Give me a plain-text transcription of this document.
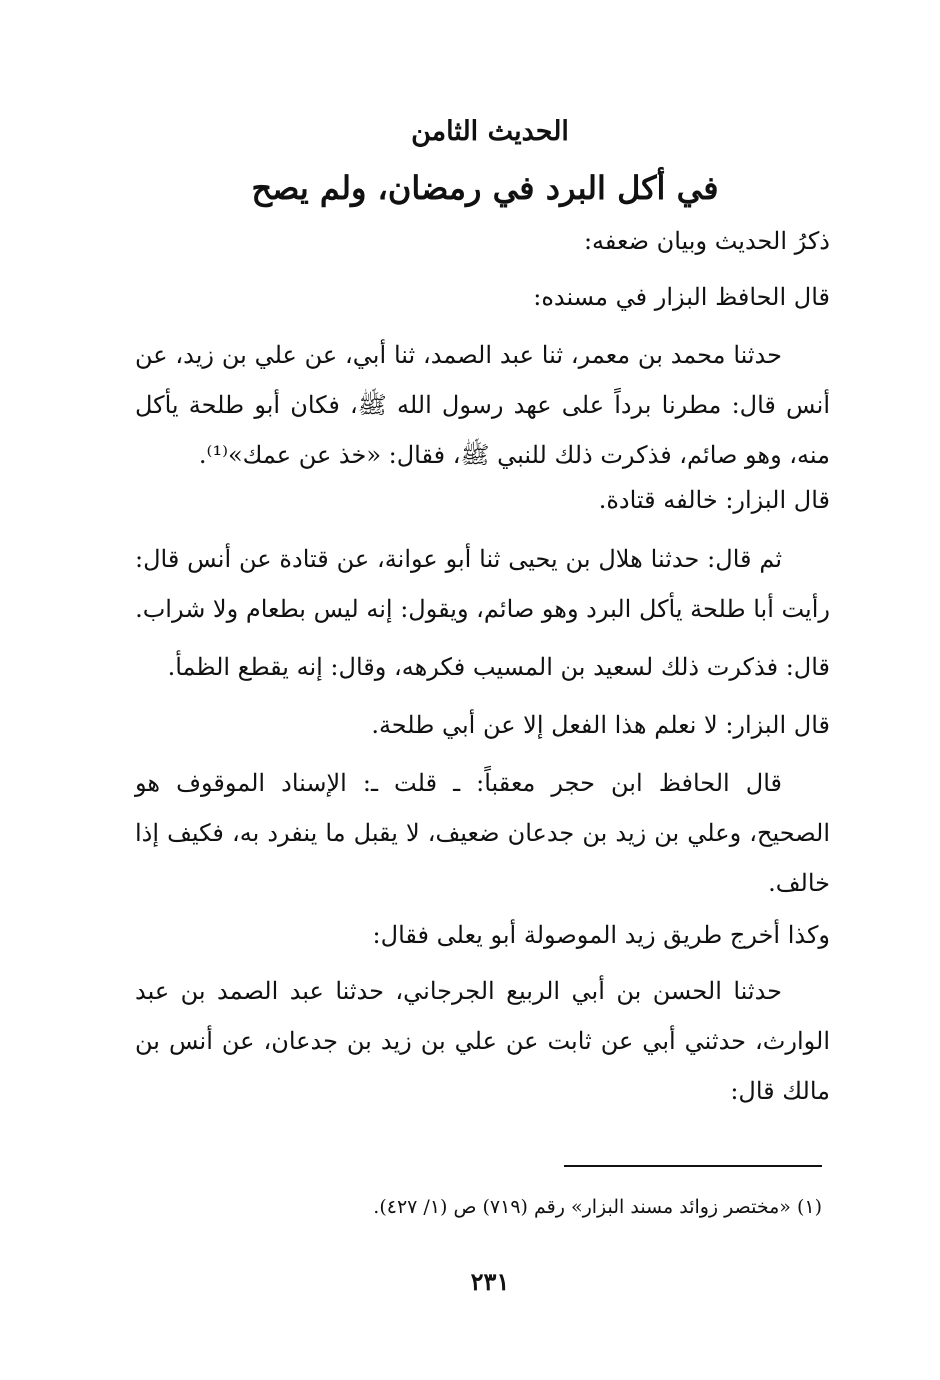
الحديث الثامن
في أكل البرد في رمضان، ولم يصح
ذكرُ الحديث وبيان ضعفه:
قال الحافظ البزار في مسنده:
حدثنا محمد بن معمر، ثنا عبد الصمد، ثنا أبي، عن علي بن زيد، عن أنس قال: مطرنا برداً على عهد رسول الله ﷺ، فكان أبو طلحة يأكل منه، وهو صائم، فذكرت ذلك للنبي ﷺ، فقال: «خذ عن عمك»⁽¹⁾.
قال البزار: خالفه قتادة.
ثم قال: حدثنا هلال بن يحيى ثنا أبو عوانة، عن قتادة عن أنس قال: رأيت أبا طلحة يأكل البرد وهو صائم، ويقول: إنه ليس بطعام ولا شراب.
قال: فذكرت ذلك لسعيد بن المسيب فكرهه، وقال: إنه يقطع الظمأ.
قال البزار: لا نعلم هذا الفعل إلا عن أبي طلحة.
قال الحافظ ابن حجر معقباً: ـ قلت ـ: الإسناد الموقوف هو الصحيح، وعلي بن زيد بن جدعان ضعيف، لا يقبل ما ينفرد به، فكيف إذا خالف.
وكذا أخرج طريق زيد الموصولة أبو يعلى فقال:
حدثنا الحسن بن أبي الربيع الجرجاني، حدثنا عبد الصمد بن عبد الوارث، حدثني أبي عن ثابت عن علي بن زيد بن جدعان، عن أنس بن مالك قال:
(١) «مختصر زوائد مسند البزار» رقم (٧١٩) ص (١/ ٤٢٧).
٢٣١
